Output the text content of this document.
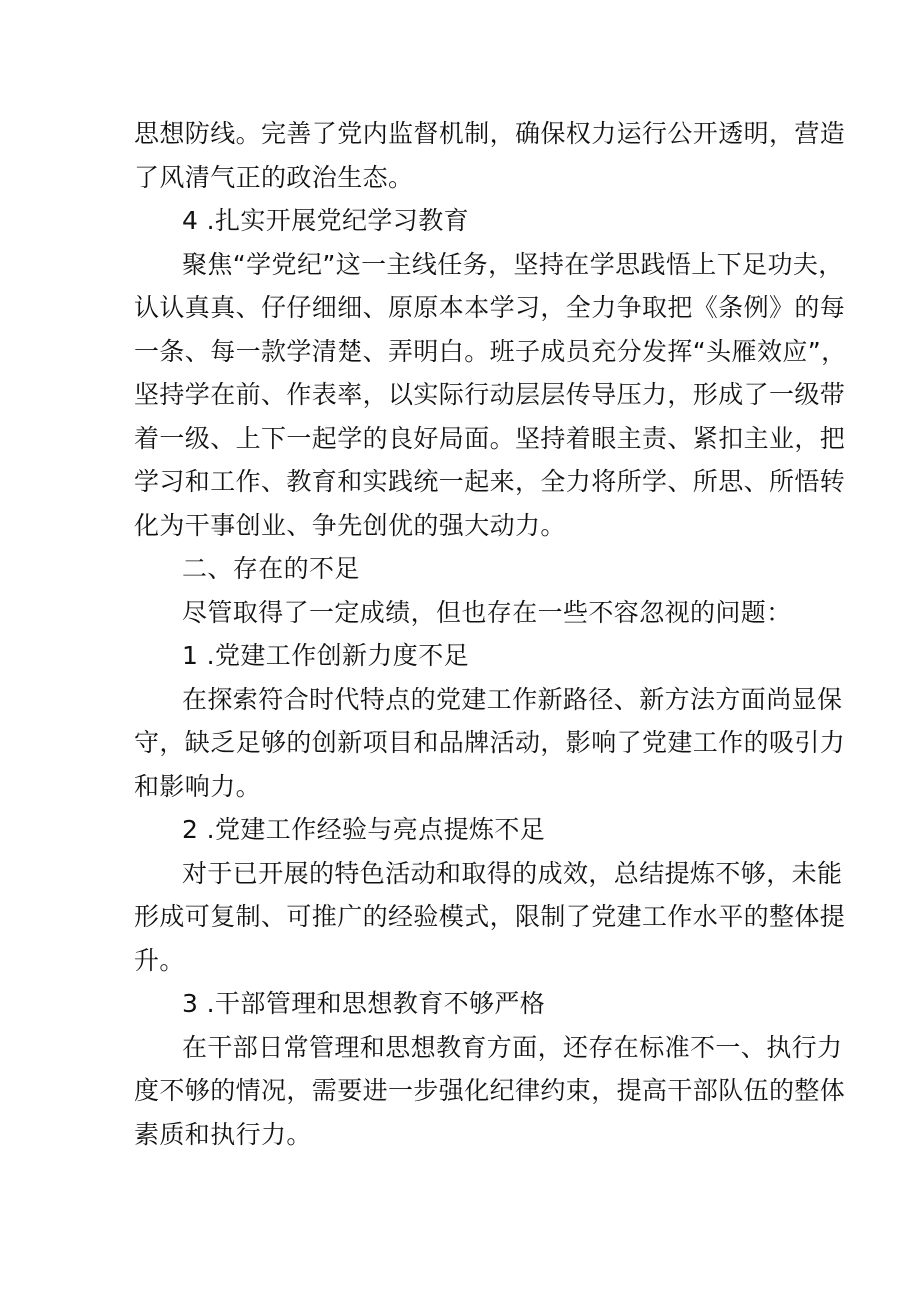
思想防线。完善了党内监督机制，确保权力运行公开透明，营造
了风清气正的政治生态。
4 .扎实开展党纪学习教育
聚焦“学党纪”这一主线任务，坚持在学思践悟上下足功夫，
认认真真、仔仔细细、原原本本学习，全力争取把《条例》的每
一条、每一款学清楚、弄明白。班子成员充分发挥“头雁效应”，
坚持学在前、作表率，以实际行动层层传导压力，形成了一级带
着一级、上下一起学的良好局面。坚持着眼主责、紧扣主业，把
学习和工作、教育和实践统一起来，全力将所学、所思、所悟转
化为干事创业、争先创优的强大动力。
二、存在的不足
尽管取得了一定成绩，但也存在一些不容忽视的问题：
1 .党建工作创新力度不足
在探索符合时代特点的党建工作新路径、新方法方面尚显保
守，缺乏足够的创新项目和品牌活动，影响了党建工作的吸引力
和影响力。
2 .党建工作经验与亮点提炼不足
对于已开展的特色活动和取得的成效，总结提炼不够，未能
形成可复制、可推广的经验模式，限制了党建工作水平的整体提
升。
3 .干部管理和思想教育不够严格
在干部日常管理和思想教育方面，还存在标准不一、执行力
度不够的情况，需要进一步强化纪律约束，提高干部队伍的整体
素质和执行力。
